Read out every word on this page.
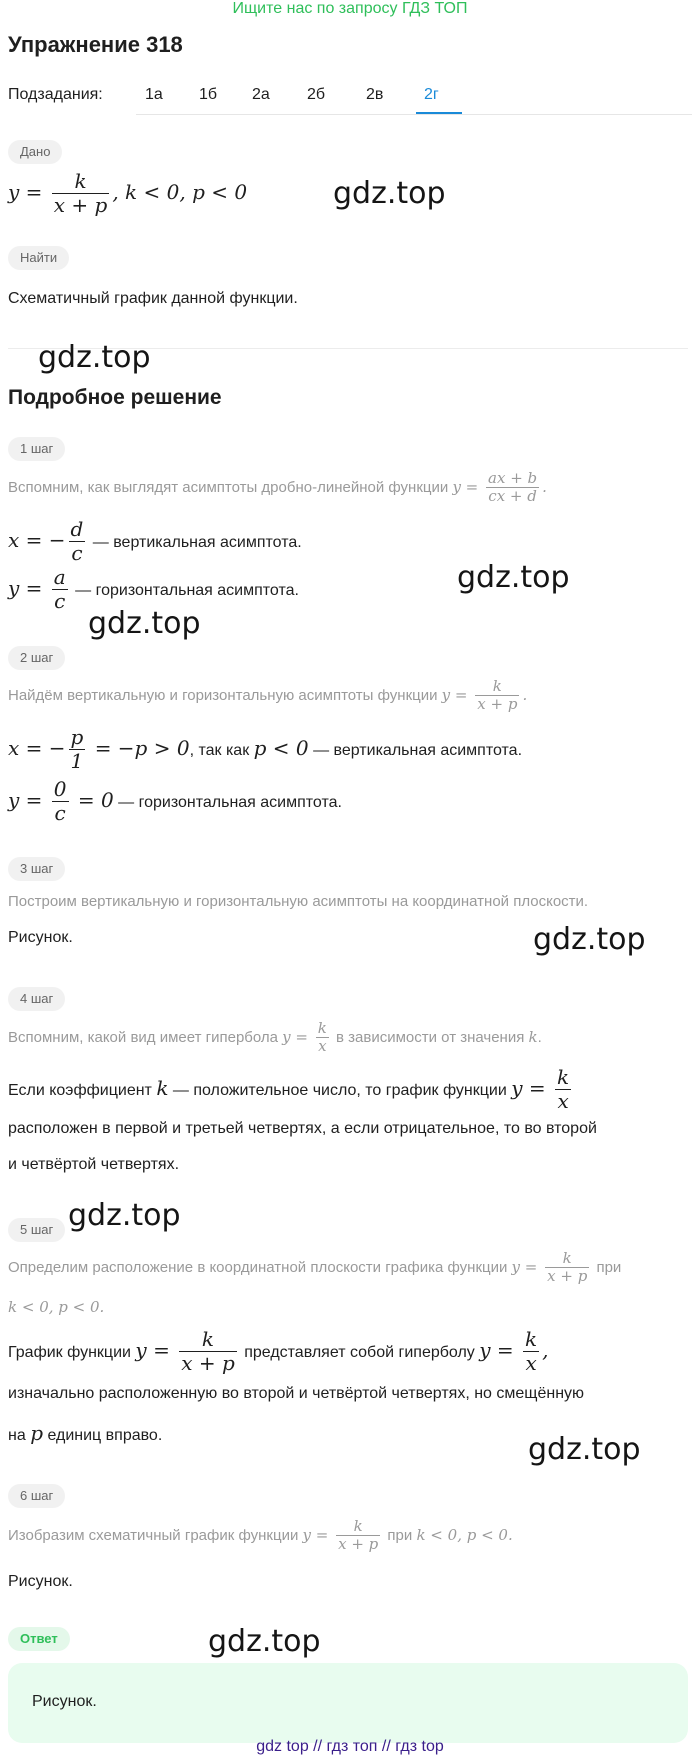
Ищите нас по запросу ГДЗ ТОП
Упражнение 318
Подзадания:	1а 1б 2а 2б	2в	2г
Дано
$y = \frac{k}{x + p}$ , k < 0, p < 0
Найти
Схематичный график данной функции.
Подробное решение
1 шаг
Вспомним, как выглядят асимптоты дробно-линейной функции $y = \frac{ax + b}{cx + d}$ .
x = − $\frac{d}{c}$ — вертикальная асимптота.
$y = \frac{a}{c}$ — горизонтальная асимптота.
2 шаг
Найдём вертикальную и горизонтальную асимптоты функции $y = \frac{k}{x + p}$ .
x = − $\frac{p}{1} = -p > 0$, так как p < 0 — вертикальная асимптота.
$y = \frac{0}{c} = 0$ — горизонтальная асимптота.
3 шаг
Построим вертикальную и горизонтальную асимптоты на координатной плоскости.
Рисунок.
4 шаг
Вспомним, какой вид имеет гипербола $y = \frac{k}{x}$ в зависимости от значения k.
Если коэффициент k — положительное число, то график функции $y = \frac{k}{x}$
расположен в первой и третьей четвертях, а если отрицательное, то во второй
и четвёртой четвертях.
5 шаг
Определим расположение в координатной плоскости графика функции $y = \frac{k}{x + p}$ при
k < 0, p < 0.
График функции $y = \frac{k}{x + p}$ представляет собой гиперболу $y = \frac{k}{x}$ ,
изначально расположенную во второй и четвёртой четвертях, но смещённую
на p единиц вправо.
6 шаг
Изобразим схематичный график функции $y = \frac{k}{x + p}$ при k < 0, p < 0.
Рисунок.
Ответ
Рисунок.
gdz top // гдз топ // гдз top
gdz.top
gdz.top
gdz.top
gdz.top
gdz.top
gdz.top
gdz.top
gdz.top
